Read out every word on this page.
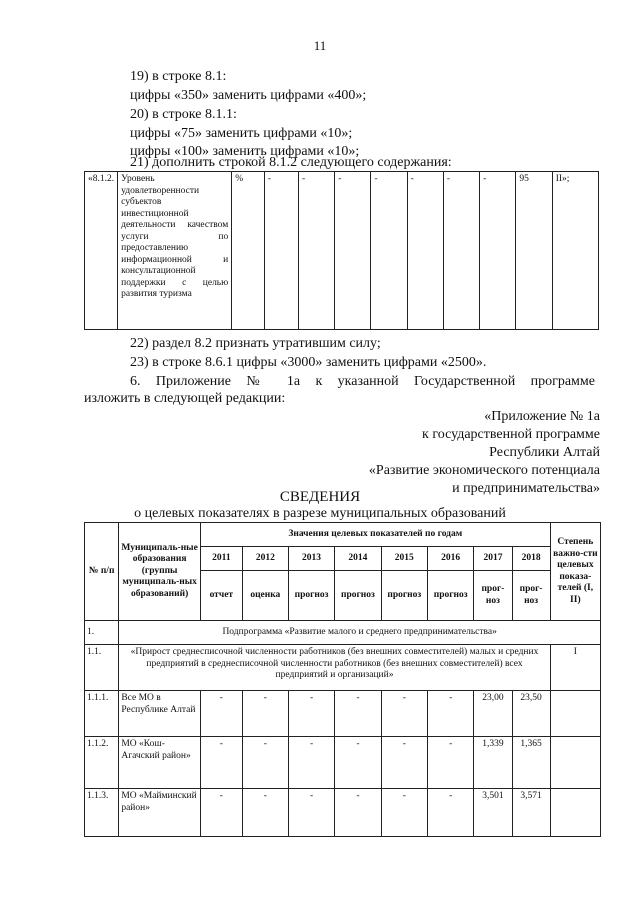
11
19) в строке 8.1:
цифры «350» заменить цифрами «400»;
20) в строке 8.1.1:
цифры «75» заменить цифрами «10»;
цифры «100» заменить цифрами «10»;
21) дополнить строкой 8.1.2 следующего содержания:
«8.1.2.	Уровень удовлетворенности субъектов инвестиционной деятельности качеством услуги по предоставлению информационной и консультационной поддержки с целью развития туризма	%	-	-	-	-	-	-	-	95	II»;
22) раздел 8.2 признать утратившим силу;
23) в строке 8.6.1 цифры «3000» заменить цифрами «2500».
6. Приложение № 1а к указанной Государственной программе
изложить в следующей редакции:
«Приложение № 1а
к государственной программе
Республики Алтай
«Развитие экономического потенциала
и предпринимательства»
СВЕДЕНИЯ
о целевых показателях в разрезе муниципальных образований
№ п/п	Муниципаль-ные образования (группы муниципаль-ных образований)	Значения целевых показателей по годам								Степень важно-сти целевых показа-телей (I, II)
		2011	2012	2013	2014	2015	2016	2017	2018	
		отчет	оценка	прогноз	прогноз	прогноз	прогноз	прог-ноз	прог-ноз	
1.	Подпрограмма «Развитие малого и среднего предпринимательства»									
1.1.	«Прирост среднесписочной численности работников (без внешних совместителей) малых и средних предприятий в среднесписочной численности работников (без внешних совместителей) всех предприятий и организаций»									I
1.1.1.	Все МО в Республике Алтай	-	-	-	-	-	-	23,00	23,50	
1.1.2.	МО «Кош-Агачский район»	-	-	-	-	-	-	1,339	1,365	
1.1.3.	МО «Майминский район»	-	-	-	-	-	-	3,501	3,571	
